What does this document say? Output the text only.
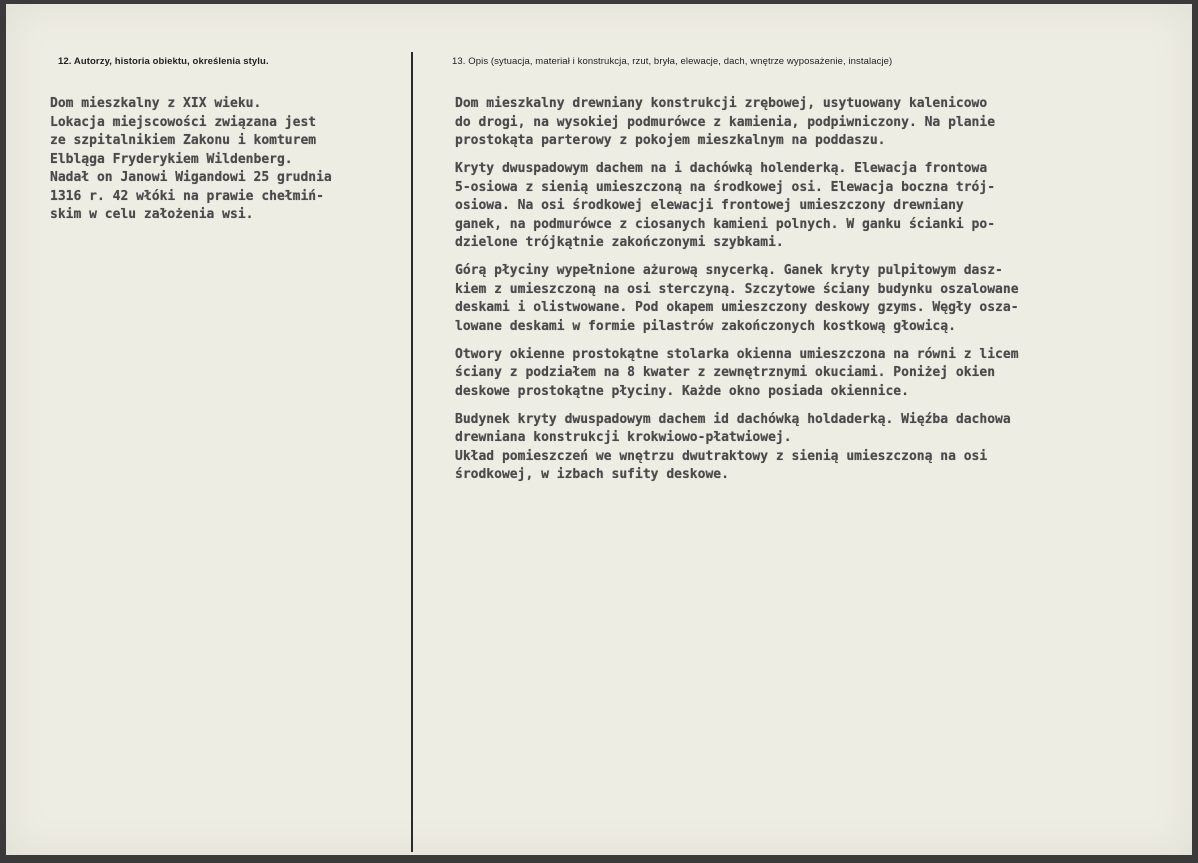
12. Autorzy, historia obiektu, określenia stylu.	13. Opis (sytuacja, materiał i konstrukcja, rzut, bryła, elewacje, dach, wnętrze wyposażenie, instalacje)
Dom mieszkalny z XIX wieku.
Lokacja miejscowości związana jest
ze szpitalnikiem Zakonu i komturem
Elbląga Fryderykiem Wildenberg.
Nadał on Janowi Wigandowi 25 grudnia
1316 r. 42 włóki na prawie chełmiń-
skim w celu założenia wsi.
Dom mieszkalny drewniany konstrukcji zrębowej, usytuowany kalenicowo
do drogi, na wysokiej podmurówce z kamienia, podpiwniczony. Na planie
prostokąta parterowy z pokojem mieszkalnym na poddaszu.
Kryty dwuspadowym dachem na i dachówką holenderką. Elewacja frontowa
5-osiowa z sienią umieszczoną na środkowej osi. Elewacja boczna trój-
osiowa. Na osi środkowej elewacji frontowej umieszczony drewniany
ganek, na podmurówce z ciosanych kamieni polnych. W ganku ścianki po-
dzielone trójkątnie zakończonymi szybkami.
Górą płyciny wypełnione ażurową snycerką. Ganek kryty pulpitowym dasz-
kiem z umieszczoną na osi sterczyną. Szczytowe ściany budynku oszalowane
deskami i olistwowane. Pod okapem umieszczony deskowy gzyms. Węgły osza-
lowane deskami w formie pilastrów zakończonych kostkową głowicą.
Otwory okienne prostokątne stolarka okienna umieszczona na równi z licem
ściany z podziałem na 8 kwater z zewnętrznymi okuciami. Poniżej okien
deskowe prostokątne płyciny. Każde okno posiada okiennice.
Budynek kryty dwuspadowym dachem id dachówką holdaderką. Więźba dachowa
drewniana konstrukcji krokwiowo-płatwiowej.
Układ pomieszczeń we wnętrzu dwutraktowy z sienią umieszczoną na osi
środkowej, w izbach sufity deskowe.
